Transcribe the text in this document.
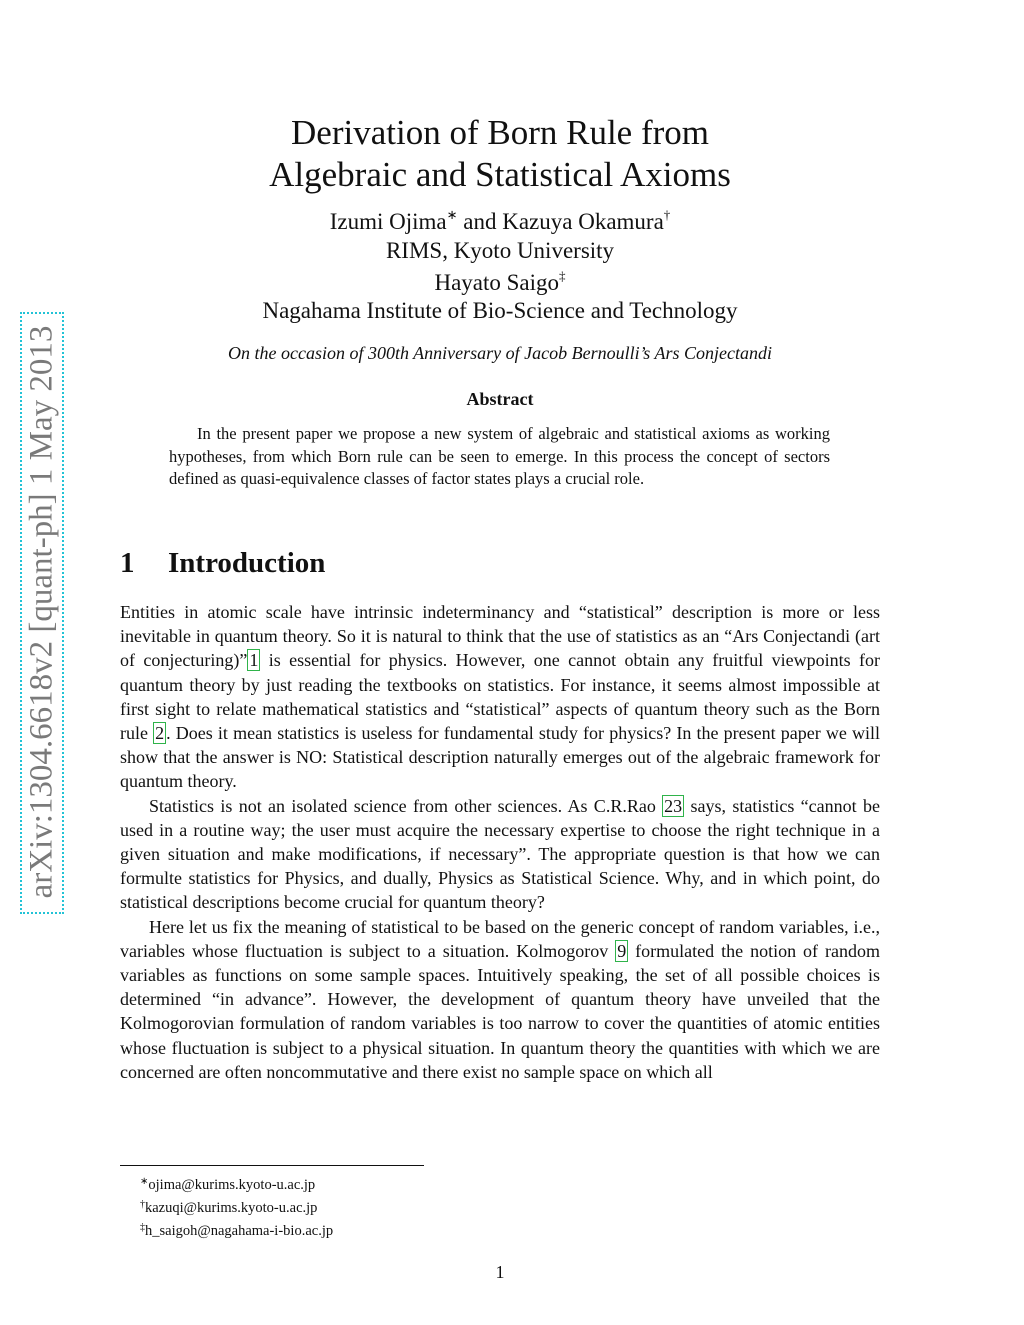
arXiv:1304.6618v2 [quant-ph] 1 May 2013
Derivation of Born Rule from
Algebraic and Statistical Axioms
Izumi Ojima∗ and Kazuya Okamura†
RIMS, Kyoto University
Hayato Saigo‡
Nagahama Institute of Bio-Science and Technology
On the occasion of 300th Anniversary of Jacob Bernoulli’s Ars Conjectandi
Abstract
In the present paper we propose a new system of algebraic and statistical axioms as working hypotheses, from which Born rule can be seen to emerge. In this process the concept of sectors defined as quasi-equivalence classes of factor states plays a crucial role.
1 Introduction

Entities in atomic scale have intrinsic indeterminancy and “statistical” description is more or less inevitable in quantum theory. So it is natural to think that the use of statistics as an “Ars Conjectandi (art of conjecturing)” 1 is essential for physics. However, one cannot obtain any fruitful viewpoints for quantum theory by just reading the textbooks on statistics. For instance, it seems almost impossible at first sight to relate mathematical statistics and “statistical” aspects of quantum theory such as the Born rule 2 . Does it mean statistics is useless for fundamental study for physics? In the present paper we will show that the answer is NO: Statistical description naturally emerges out of the algebraic framework for quantum theory.

Statistics is not an isolated science from other sciences. As C.R.Rao 23 says, statistics “cannot be used in a routine way; the user must acquire the necessary expertise to choose the right technique in a given situation and make modifications, if necessary”. The appropriate question is that how we can formulte statistics for Physics, and dually, Physics as Statistical Science. Why, and in which point, do statistical descriptions become crucial for quantum theory?

Here let us fix the meaning of statistical to be based on the generic concept of random variables, i.e., variables whose fluctuation is subject to a situation. Kolmogorov 9 formulated the notion of random variables as functions on some sample spaces. Intuitively speaking, the set of all possible choices is determined “in advance”. However, the development of quantum theory have unveiled that the Kolmogorovian formulation of random variables is too narrow to cover the quantities of atomic entities whose fluctuation is subject to a physical situation. In quantum theory the quantities with which we are concerned are often noncommutative and there exist no sample space on which all

∗ojima@kurims.kyoto-u.ac.jp
†kazuqi@kurims.kyoto-u.ac.jp
‡h_saigoh@nagahama-i-bio.ac.jp
1
